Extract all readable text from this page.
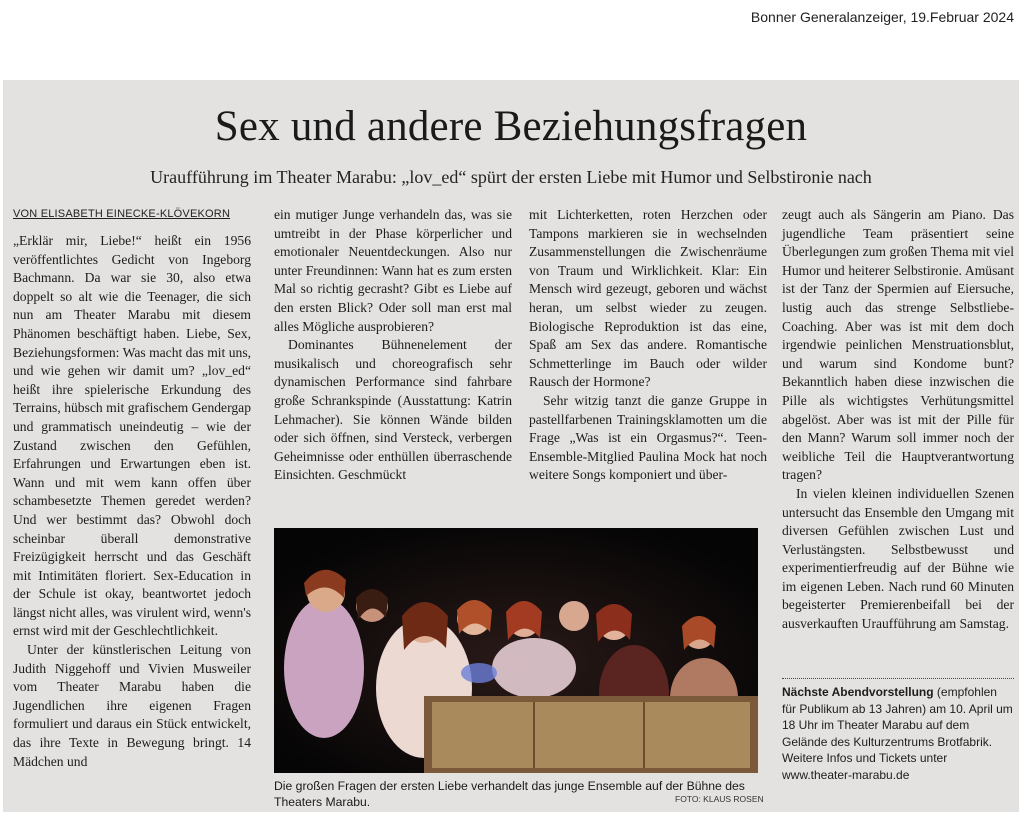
Bonner Generalanzeiger, 19.Februar 2024
Sex und andere Beziehungsfragen
Uraufführung im Theater Marabu: „lov_ed“ spürt der ersten Liebe mit Humor und Selbstironie nach
VON ELISABETH EINECKE-KLÖVEKORN

„Erklär mir, Liebe!“ heißt ein 1956 veröffentlichtes Gedicht von Ingeborg Bachmann. Da war sie 30, also etwa doppelt so alt wie die Teenager, die sich nun am Theater Marabu mit diesem Phänomen beschäftigt haben. Liebe, Sex, Beziehungsformen: Was macht das mit uns, und wie gehen wir damit um? „lov_ed“ heißt ihre spielerische Erkundung des Terrains, hübsch mit grafischem Gendergap und grammatisch uneindeutig – wie der Zustand zwischen den Gefühlen, Erfahrungen und Erwartungen eben ist. Wann und mit wem kann offen über schambesetzte Themen geredet werden? Und wer bestimmt das? Obwohl doch scheinbar überall demonstrative Freizügigkeit herrscht und das Geschäft mit Intimitäten floriert. Sex-Education in der Schule ist okay, beantwortet jedoch längst nicht alles, was virulent wird, wenn's ernst wird mit der Geschlechtlichkeit.

Unter der künstlerischen Leitung von Judith Niggehoff und Vivien Musweiler vom Theater Marabu haben die Jugendlichen ihre eigenen Fragen formuliert und daraus ein Stück entwickelt, das ihre Texte in Bewegung bringt. 14 Mädchen und

ein mutiger Junge verhandeln das, was sie umtreibt in der Phase körperlicher und emotionaler Neuentdeckungen. Also nur unter Freundinnen: Wann hat es zum ersten Mal so richtig gecrasht? Gibt es Liebe auf den ersten Blick? Oder soll man erst mal alles Mögliche ausprobieren?

Dominantes Bühnenelement der musikalisch und choreografisch sehr dynamischen Performance sind fahrbare große Schrankspinde (Ausstattung: Katrin Lehmacher). Sie können Wände bilden oder sich öffnen, sind Versteck, verbergen Geheimnisse oder enthüllen überraschende Einsichten. Geschmückt

mit Lichterketten, roten Herzchen oder Tampons markieren sie in wechselnden Zusammenstellungen die Zwischenräume von Traum und Wirklichkeit. Klar: Ein Mensch wird gezeugt, geboren und wächst heran, um selbst wieder zu zeugen. Biologische Reproduktion ist das eine, Spaß am Sex das andere. Romantische Schmetterlinge im Bauch oder wilder Rausch der Hormone?

Sehr witzig tanzt die ganze Gruppe in pastellfarbenen Trainingsklamotten um die Frage „Was ist ein Orgasmus?“. Teen-Ensemble-Mitglied Paulina Mock hat noch weitere Songs komponiert und über-

zeugt auch als Sängerin am Piano. Das jugendliche Team präsentiert seine Überlegungen zum großen Thema mit viel Humor und heiterer Selbstironie. Amüsant ist der Tanz der Spermien auf Eiersuche, lustig auch das strenge Selbstliebe-Coaching. Aber was ist mit dem doch irgendwie peinlichen Menstruationsblut, und warum sind Kondome bunt? Bekanntlich haben diese inzwischen die Pille als wichtigstes Verhütungsmittel abgelöst. Aber was ist mit der Pille für den Mann? Warum soll immer noch der weibliche Teil die Hauptverantwortung tragen?

In vielen kleinen individuellen Szenen untersucht das Ensemble den Umgang mit diversen Gefühlen zwischen Lust und Verlustängsten. Selbstbewusst und experimentierfreudig auf der Bühne wie im eigenen Leben. Nach rund 60 Minuten begeisterter Premierenbeifall bei der ausverkauften Uraufführung am Samstag.

Die großen Fragen der ersten Liebe verhandelt das junge Ensemble auf der Bühne des Theaters Marabu.	FOTO: KLAUS ROSEN
Nächste Abendvorstellung (empfohlen für Publikum ab 13 Jahren) am 10. April um 18 Uhr im Theater Marabu auf dem Gelände des Kulturzentrums Brotfabrik. Weitere Infos und Tickets unter www.theater-marabu.de
